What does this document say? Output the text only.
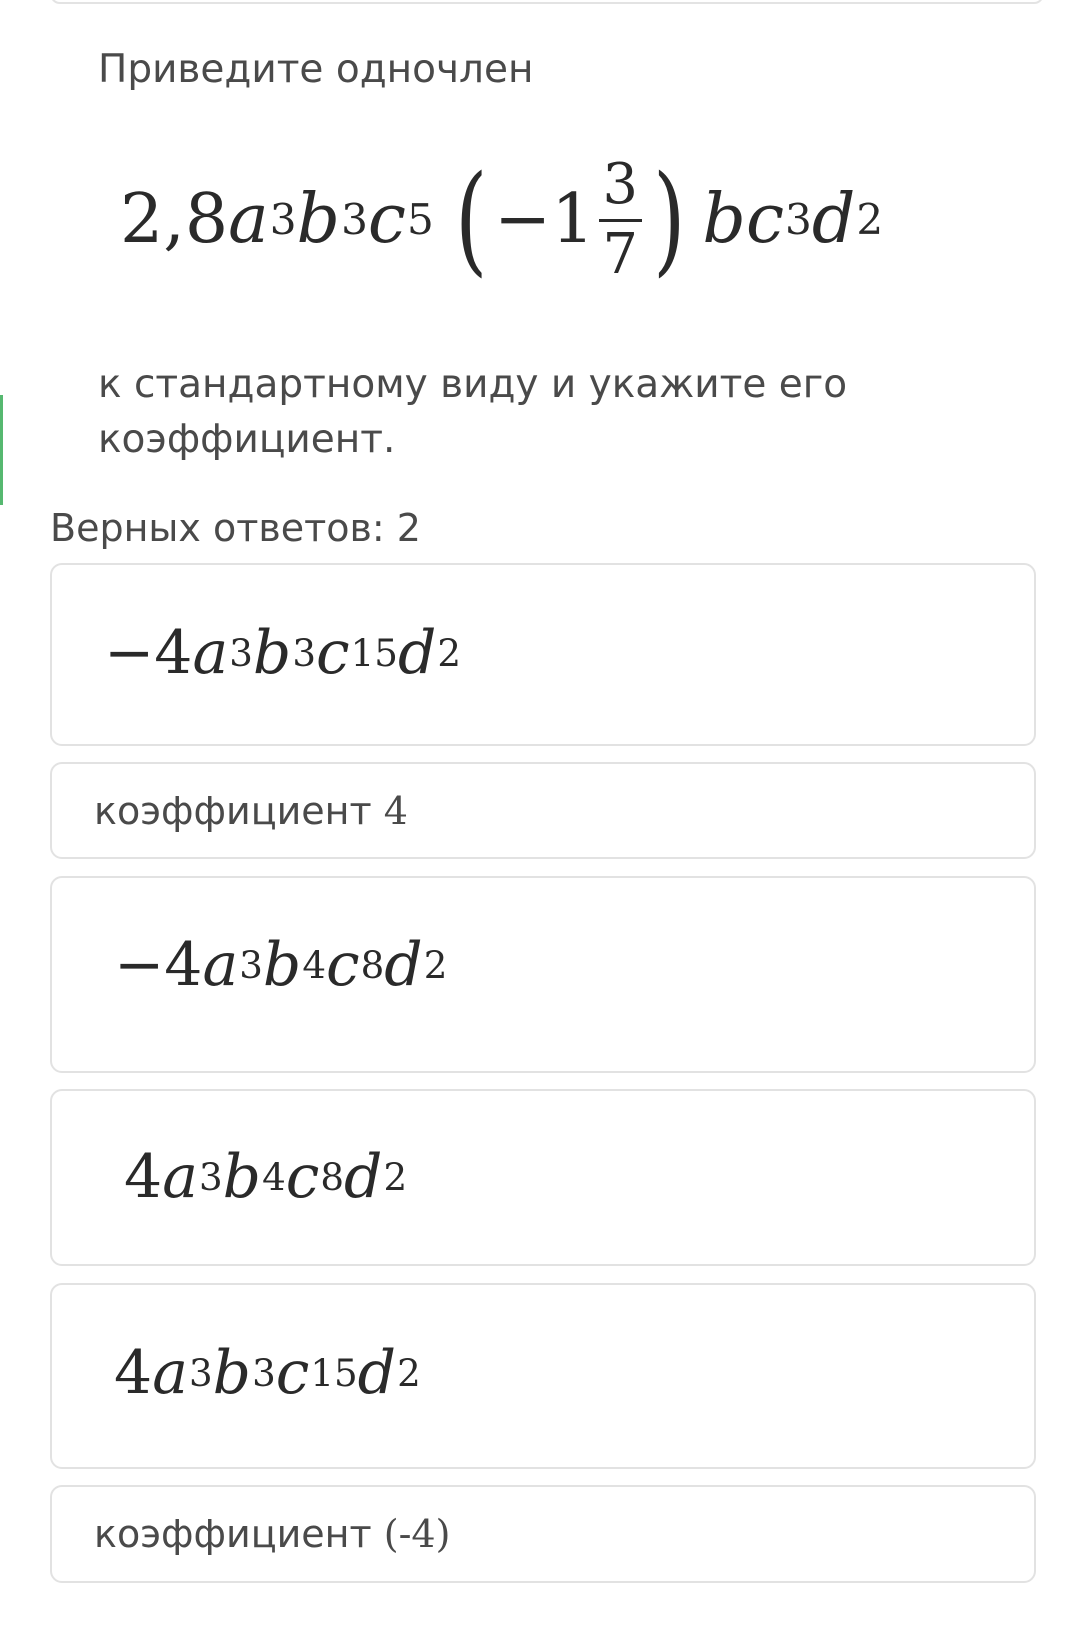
Приведите одночлен
2,8 a 3 b 3 c 5 ( $-1 \frac{3}{7}$ ) b c 3 d 2
к стандартному виду и укажите его
коэффициент.
Верных ответов: 2
−4 a 3 b 3 c 15 d 2
коэффициент
4
−4 a 3 b 4 c 8 d 2
4 a 3 b 4 c 8 d 2
4 a 3 b 3 c 15 d 2
коэффициент
(-4)
